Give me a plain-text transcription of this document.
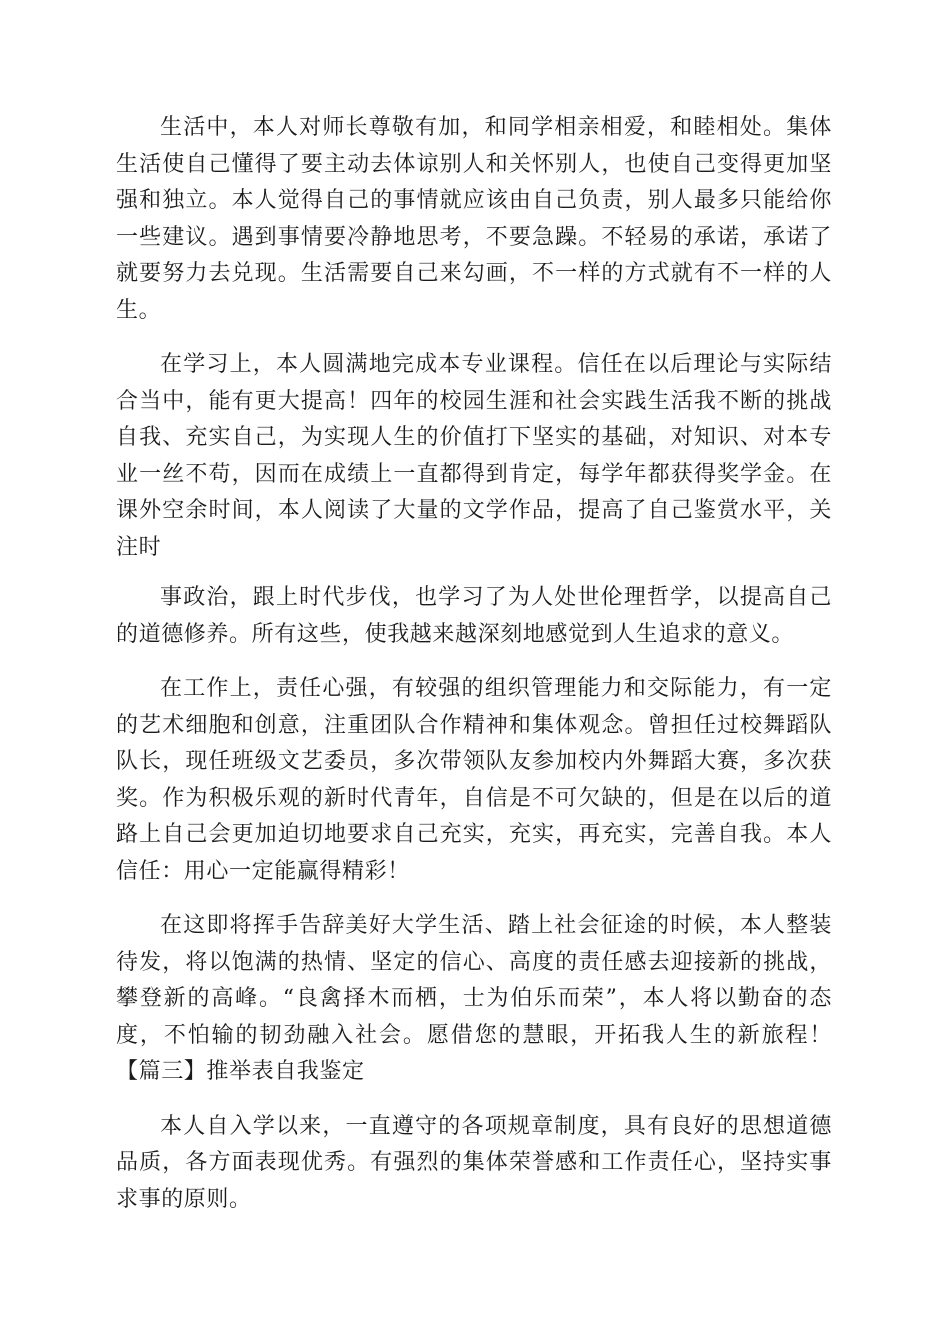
生活中，本人对师长尊敬有加，和同学相亲相爱，和睦相处。集体生活使自己懂得了要主动去体谅别人和关怀别人，也使自己变得更加坚强和独立。本人觉得自己的事情就应该由自己负责，别人最多只能给你一些建议。遇到事情要冷静地思考，不要急躁。不轻易的承诺，承诺了就要努力去兑现。生活需要自己来勾画，不一样的方式就有不一样的人生。

在学习上，本人圆满地完成本专业课程。信任在以后理论与实际结合当中，能有更大提高！四年的校园生涯和社会实践生活我不断的挑战自我、充实自己，为实现人生的价值打下坚实的基础，对知识、对本专业一丝不苟，因而在成绩上一直都得到肯定，每学年都获得奖学金。在课外空余时间，本人阅读了大量的文学作品，提高了自己鉴赏水平，关注时

事政治，跟上时代步伐，也学习了为人处世伦理哲学，以提高自己的道德修养。所有这些，使我越来越深刻地感觉到人生追求的意义。

在工作上，责任心强，有较强的组织管理能力和交际能力，有一定的艺术细胞和创意，注重团队合作精神和集体观念。曾担任过校舞蹈队队长，现任班级文艺委员，多次带领队友参加校内外舞蹈大赛，多次获奖。作为积极乐观的新时代青年，自信是不可欠缺的，但是在以后的道路上自己会更加迫切地要求自己充实，充实，再充实，完善自我。本人信任：用心一定能赢得精彩！

在这即将挥手告辞美好大学生活、踏上社会征途的时候，本人整装待发，将以饱满的热情、坚定的信心、高度的责任感去迎接新的挑战，攀登新的高峰。“良禽择木而栖，士为伯乐而荣”，本人将以勤奋的态度，不怕输的韧劲融入社会。愿借您的慧眼，开拓我人生的新旅程！【篇三】推举表自我鉴定

本人自入学以来，一直遵守的各项规章制度，具有良好的思想道德品质，各方面表现优秀。有强烈的集体荣誉感和工作责任心，坚持实事求事的原则。
